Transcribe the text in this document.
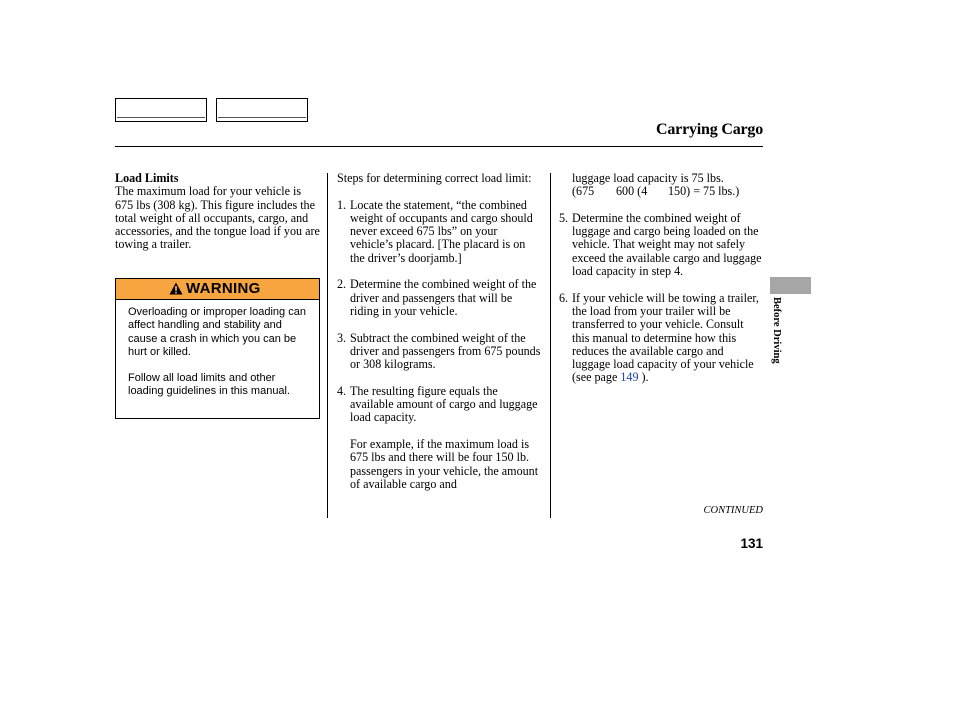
Carrying Cargo
Load Limits
The maximum load for your vehicle is 675 lbs (308 kg). This figure includes the total weight of all occupants, cargo, and accessories, and the tongue load if you are towing a trailer.
WARNING
Overloading or improper loading can affect handling and stability and cause a crash in which you can be hurt or killed.
Follow all load limits and other loading guidelines in this manual.
Steps for determining correct load limit:
1. Locate the statement, “the combined weight of occupants and cargo should never exceed 675 lbs” on your vehicle’s placard. [The placard is on the driver’s doorjamb.]
2. Determine the combined weight of the driver and passengers that will be riding in your vehicle.
3. Subtract the combined weight of the driver and passengers from 675 pounds or 308 kilograms.
4. The resulting figure equals the available amount of cargo and luggage load capacity.
For example, if the maximum load is 675 lbs and there will be four 150 lb. passengers in your vehicle, the amount of available cargo and
luggage load capacity is 75 lbs.
(675 600 (4 150) = 75 lbs.)
5. Determine the combined weight of luggage and cargo being loaded on the vehicle. That weight may not safely exceed the available cargo and luggage load capacity in step 4.
6. If your vehicle will be towing a trailer, the load from your trailer will be transferred to your vehicle. Consult this manual to determine how this reduces the available cargo and luggage load capacity of your vehicle (see page 149 ).
CONTINUED
131
Before Driving
